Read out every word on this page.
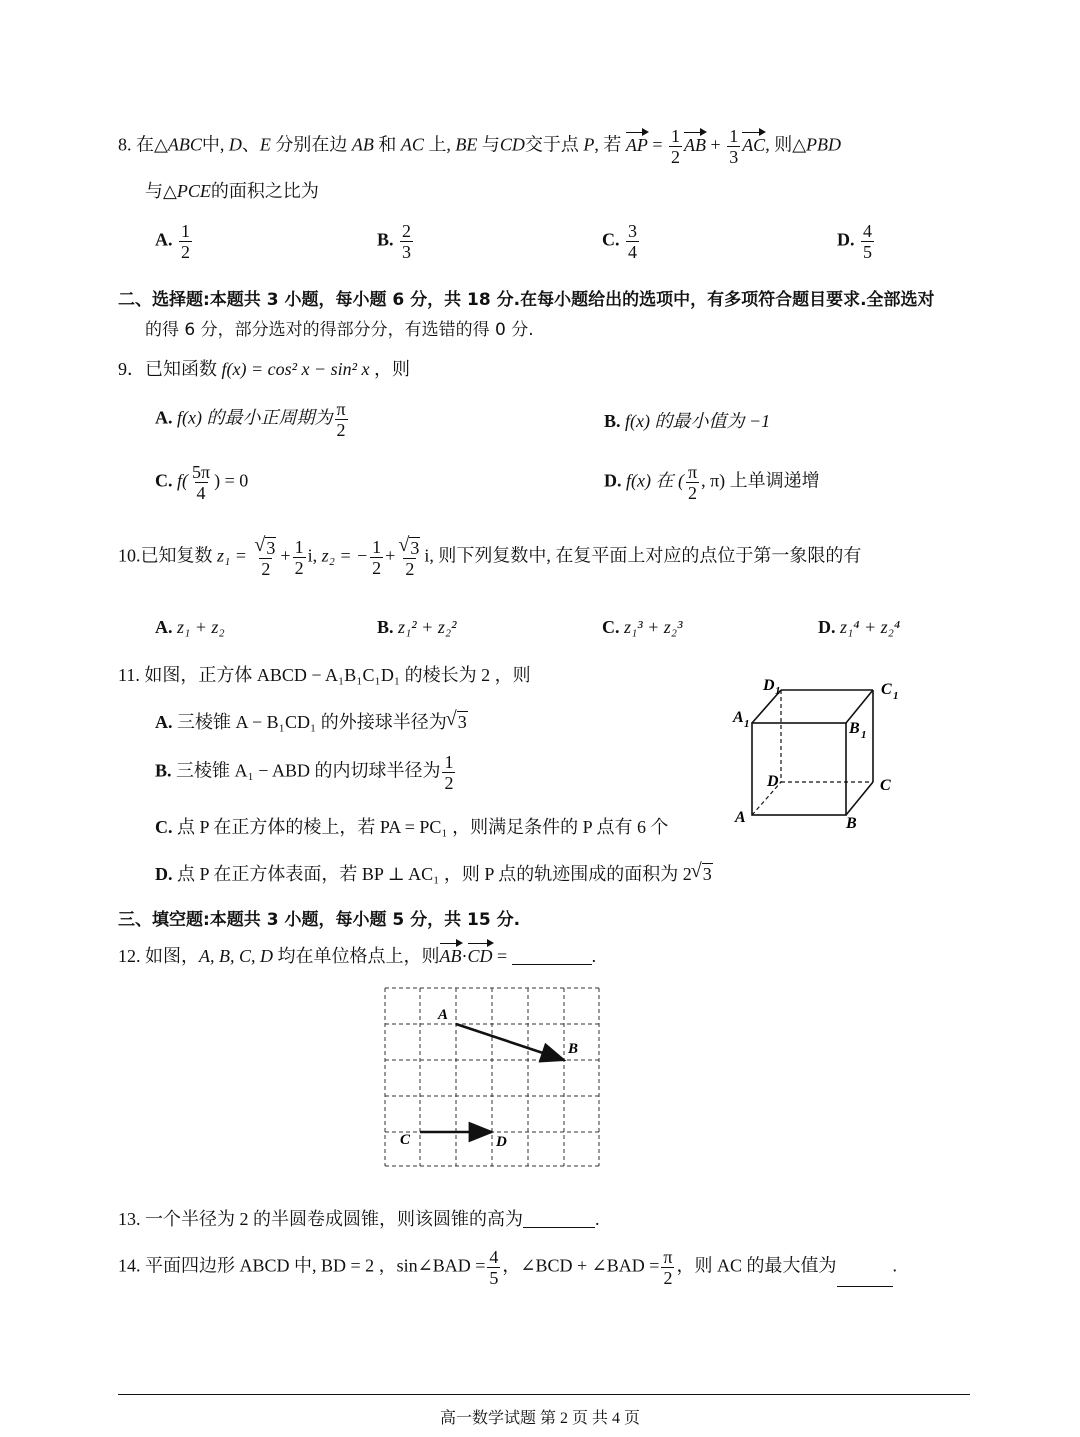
8. 在△ABC中, D、E 分别在边 AB 和 AC 上, BE 与CD交于点 P, 若 AP = $\frac{1}{2}$ AB + $\frac{1}{3}$ AC, 则△PBD
与△PCE的面积之比为
A. $\frac{1}{2}$	B. $\frac{2}{3}$	C. $\frac{3}{4}$	D. $\frac{4}{5}$
二、选择题:本题共 3 小题，每小题 6 分，共 18 分.在每小题给出的选项中，有多项符合题目要求.全部选对
的得 6 分，部分选对的得部分分，有选错的得 0 分.
9．已知函数 f(x) = cos² x − sin² x ，则
A. f(x) 的最小正周期为 $\frac{\pi}{2}$	B. f(x) 的最小值为 −1
C. $f( \frac{5\pi}{4}$ ) = 0	D. f(x) 在 ( $\frac{\pi}{2}$ , π) 上单调递增
10.已知复数 z₁ = √ $\frac{3}{2} + \frac{1}{2} i$, z₂ = − $\frac{1}{2}$ + √ $\frac{3}{2} i$, 则下列复数中, 在复平面上对应的点位于第一象限的有
A. z₁ + z₂	B. z₁² + z₂²	C. z₁³ + z₂³	D. z₁⁴ + z₂⁴
11. 如图，正方体 ABCD − A₁B₁C₁D₁ 的棱长为 2 ，则
A. 三棱锥 A − B₁CD₁ 的外接球半径为 √ 3
B. 三棱锥 A₁ − ABD 的内切球半径为 $\frac{1}{2}$
C. 点 P 在正方体的棱上，若 PA = PC₁ ，则满足条件的 P 点有 6 个
D. 点 P 在正方体表面，若 BP ⊥ AC₁ ，则 P 点的轨迹围成的面积为 2 √ 3
D 1	C 1
A 1	B 1
D	C
A	B
三、填空题:本题共 3 小题，每小题 5 分，共 15 分.
12. 如图，A, B, C, D 均在单位格点上，则AB·CD =	.
A
B
C	D
13. 一个半径为 2 的半圆卷成圆锥，则该圆锥的高为	.
14. 平面四边形 ABCD 中, BD = 2 ，sin∠BAD = $\frac{4}{5}$ ，∠BCD + ∠BAD = $\frac{\pi}{2}$ ，则 AC 的最大值为	.
高一数学试题 第 2 页 共 4 页
